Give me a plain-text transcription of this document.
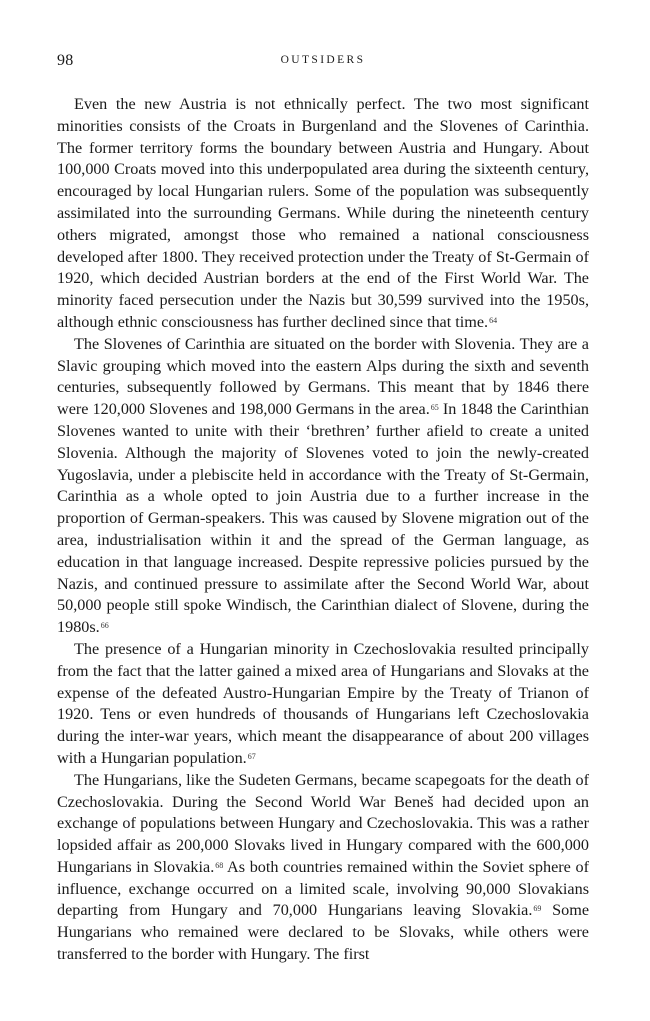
98	OUTSIDERS

Even the new Austria is not ethnically perfect. The two most significant minorities consists of the Croats in Burgenland and the Slovenes of Carinthia. The former territory forms the boundary between Austria and Hungary. About 100,000 Croats moved into this underpopulated area during the sixteenth century, encouraged by local Hungarian rulers. Some of the population was subsequently assimilated into the surrounding Germans. While during the nineteenth century others migrated, amongst those who remained a national consciousness developed after 1800. They received protection under the Treaty of St-Germain of 1920, which decided Austrian borders at the end of the First World War. The minority faced persecution under the Nazis but 30,599 survived into the 1950s, although ethnic consciousness has further declined since that time.$^{64}$

The Slovenes of Carinthia are situated on the border with Slovenia. They are a Slavic grouping which moved into the eastern Alps during the sixth and seventh centuries, subsequently followed by Germans. This meant that by 1846 there were 120,000 Slovenes and 198,000 Germans in the area.$^{65}$ In 1848 the Carinthian Slovenes wanted to unite with their ‘brethren’ further afield to create a united Slovenia. Although the majority of Slovenes voted to join the newly-created Yugoslavia, under a plebiscite held in accordance with the Treaty of St-Germain, Carinthia as a whole opted to join Austria due to a further increase in the proportion of German-speakers. This was caused by Slovene migration out of the area, industrialisation within it and the spread of the German language, as education in that language increased. Despite repressive policies pursued by the Nazis, and continued pressure to assimilate after the Second World War, about 50,000 people still spoke Windisch, the Carinthian dialect of Slovene, during the 1980s.$^{66}$

The presence of a Hungarian minority in Czechoslovakia resulted principally from the fact that the latter gained a mixed area of Hungarians and Slovaks at the expense of the defeated Austro-Hungarian Empire by the Treaty of Trianon of 1920. Tens or even hundreds of thousands of Hungarians left Czechoslovakia during the inter-war years, which meant the disappearance of about 200 villages with a Hungarian population.$^{67}$

The Hungarians, like the Sudeten Germans, became scapegoats for the death of Czechoslovakia. During the Second World War Beneš had decided upon an exchange of populations between Hungary and Czechoslovakia. This was a rather lopsided affair as 200,000 Slovaks lived in Hungary compared with the 600,000 Hungarians in Slovakia.$^{68}$ As both countries remained within the Soviet sphere of influence, exchange occurred on a limited scale, involving 90,000 Slovakians departing from Hungary and 70,000 Hungarians leaving Slovakia.$^{69}$ Some Hungarians who remained were declared to be Slovaks, while others were transferred to the border with Hungary. The first
